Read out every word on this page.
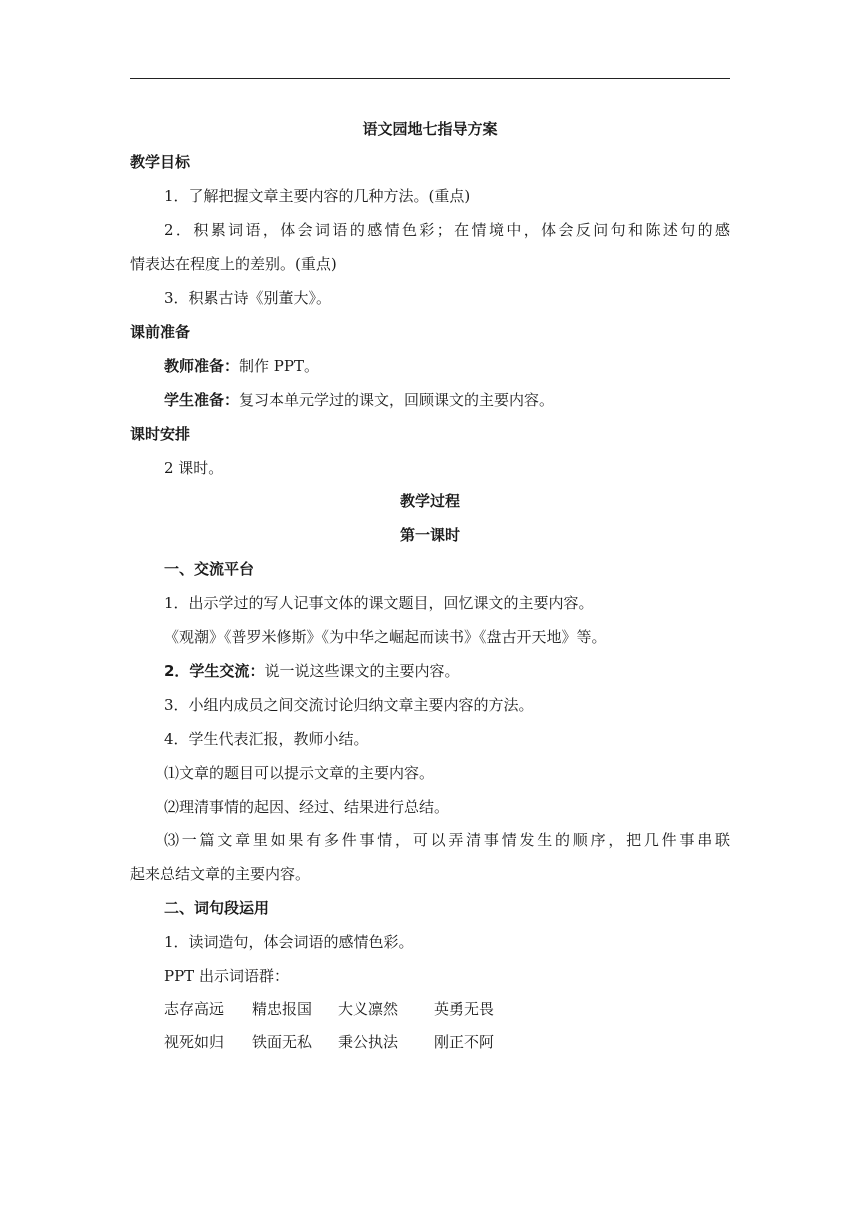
语文园地七指导方案
教学目标
1．了解把握文章主要内容的几种方法。(重点)
2．积累词语，体会词语的感情色彩；在情境中，体会反问句和陈述句的感
情表达在程度上的差别。(重点)
3．积累古诗《别董大》。
课前准备
教师准备：制作 PPT。
学生准备：复习本单元学过的课文，回顾课文的主要内容。
课时安排
2 课时。
教学过程
第一课时
一、交流平台
1．出示学过的写人记事文体的课文题目，回忆课文的主要内容。
《观潮》《普罗米修斯》《为中华之崛起而读书》《盘古开天地》等。
2．学生交流：说一说这些课文的主要内容。
3．小组内成员之间交流讨论归纳文章主要内容的方法。
4．学生代表汇报，教师小结。
⑴文章的题目可以提示文章的主要内容。
⑵理清事情的起因、经过、结果进行总结。
⑶一篇文章里如果有多件事情，可以弄清事情发生的顺序，把几件事串联
起来总结文章的主要内容。
二、词句段运用
1．读词造句，体会词语的感情色彩。
PPT 出示词语群：
志存高远 精忠报国 大义凛然 英勇无畏
视死如归 铁面无私 秉公执法 刚正不阿
